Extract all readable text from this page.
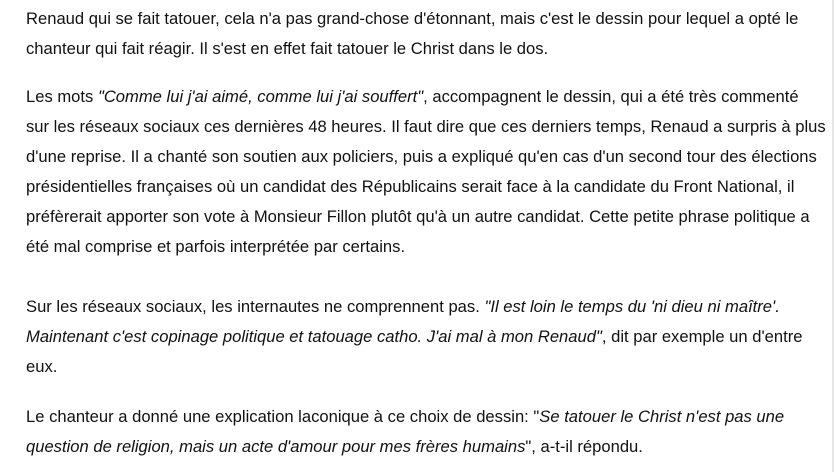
Renaud qui se fait tatouer, cela n'a pas grand-chose d'étonnant, mais c'est le dessin pour lequel a opté le chanteur qui fait réagir. Il s'est en effet fait tatouer le Christ dans le dos.

Les mots "Comme lui j'ai aimé, comme lui j'ai souffert", accompagnent le dessin, qui a été très commenté sur les réseaux sociaux ces dernières 48 heures. Il faut dire que ces derniers temps, Renaud a surpris à plus d'une reprise. Il a chanté son soutien aux policiers, puis a expliqué qu'en cas d'un second tour des élections présidentielles françaises où un candidat des Républicains serait face à la candidate du Front National, il préfèrerait apporter son vote à Monsieur Fillon plutôt qu'à un autre candidat. Cette petite phrase politique a été mal comprise et parfois interprétée par certains.

Sur les réseaux sociaux, les internautes ne comprennent pas. "Il est loin le temps du 'ni dieu ni maître'. Maintenant c'est copinage politique et tatouage catho. J'ai mal à mon Renaud", dit par exemple un d'entre eux.

Le chanteur a donné une explication laconique à ce choix de dessin: "Se tatouer le Christ n'est pas une question de religion, mais un acte d'amour pour mes frères humains", a-t-il répondu.
